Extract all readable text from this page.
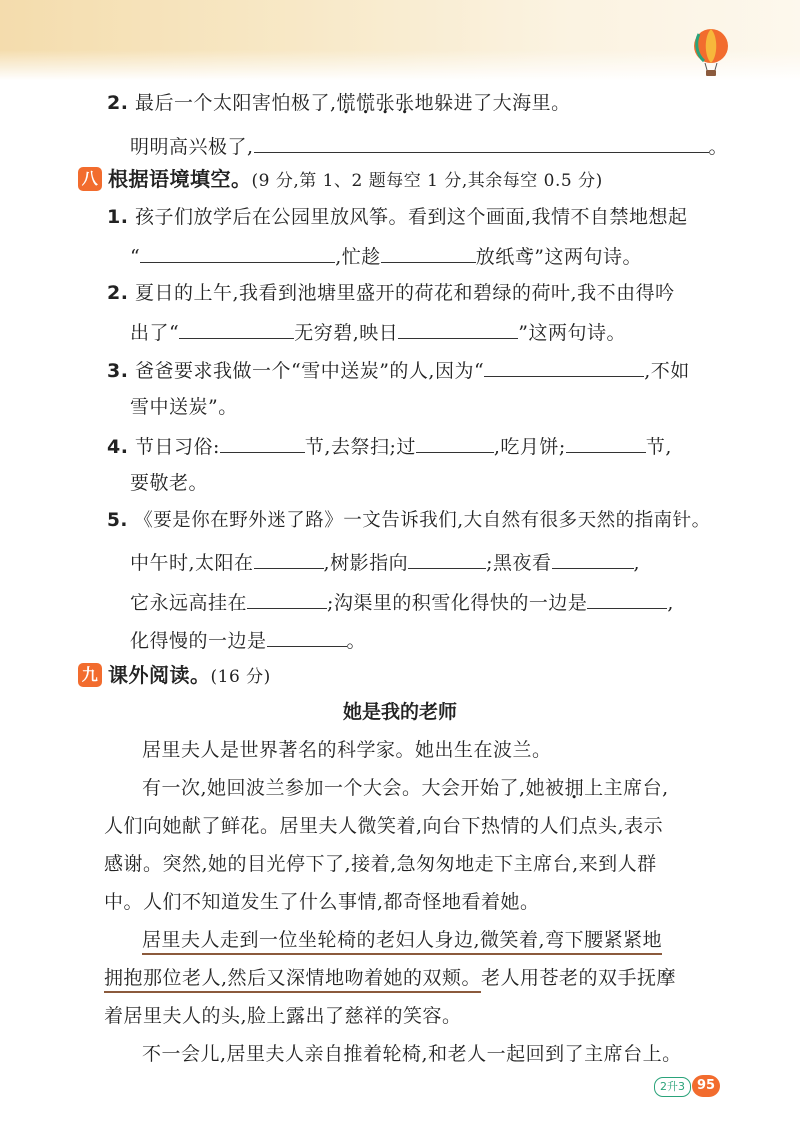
2. 最后一个太阳害怕极了,慌慌张张地躲进了大海里。
明明高兴极了,	。
八 根据语境填空。(9 分,第 1、2 题每空 1 分,其余每空 0.5 分)
1. 孩子们放学后在公园里放风筝。看到这个画面,我情不自禁地想起
“	,忙趁	放纸鸢”这两句诗。
2. 夏日的上午,我看到池塘里盛开的荷花和碧绿的荷叶,我不由得吟
出了“	无穷碧,映日	”这两句诗。
3. 爸爸要求我做一个“雪中送炭”的人,因为“	,不如
雪中送炭”。
4. 节日习俗:	节,去祭扫;过	,吃月饼;	节,
要敬老。
5. 《要是你在野外迷了路》一文告诉我们,大自然有很多天然的指南针。
中午时,太阳在	,树影指向	;黑夜看	,
它永远高挂在	;沟渠里的积雪化得快的一边是	,
化得慢的一边是	。
九 课外阅读。(16 分)
她是我的老师
居里夫人是世界著名的科学家。她出生在波兰。
有一次,她回波兰参加一个大会。大会开始了,她被拥上主席台,
人们向她献了鲜花。居里夫人微笑着,向台下热情的人们点头,表示
感谢。突然,她的目光停下了,接着,急匆匆地走下主席台,来到人群
中。人们不知道发生了什么事情,都奇怪地看着她。
居里夫人走到一位坐轮椅的老妇人身边,微笑着,弯下腰紧紧地
拥抱那位老人,然后又深情地吻着她的双颊。老人用苍老的双手抚摩
着居里夫人的头,脸上露出了慈祥的笑容。
不一会儿,居里夫人亲自推着轮椅,和老人一起回到了主席台上。
2升3 95
